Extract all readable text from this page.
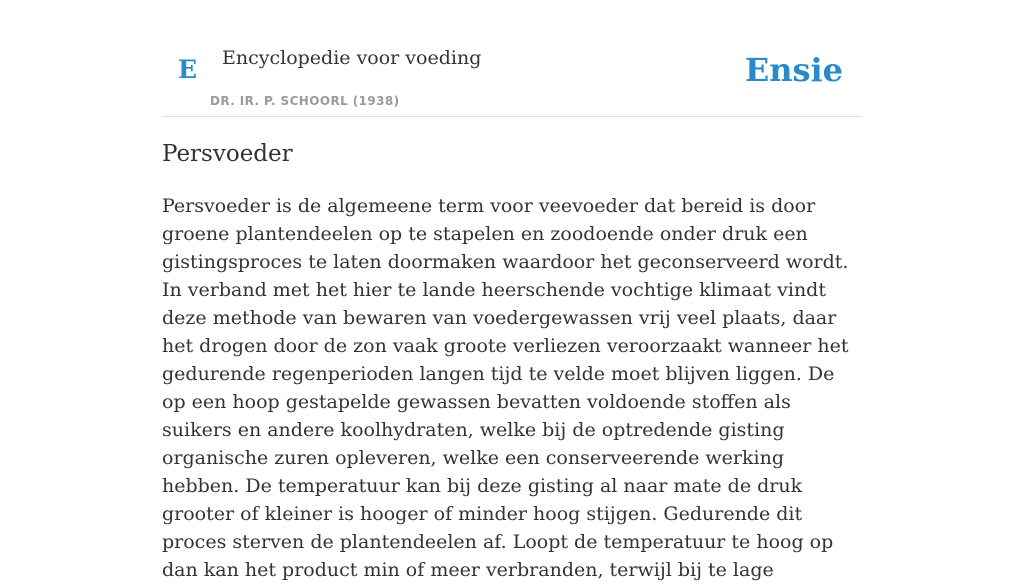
E Encyclopedie voor voeding
DR. IR. P. SCHOORL (1938)
Ensie
Persvoeder

Persvoeder is de algemeene term voor veevoeder dat bereid is door groene plantendeelen op te stapelen en zoodoende onder druk een gistingsproces te laten doormaken waardoor het geconserveerd wordt. In verband met het hier te lande heerschende vochtige klimaat vindt deze methode van bewaren van voedergewassen vrij veel plaats, daar het drogen door de zon vaak groote verliezen veroorzaakt wanneer het gedurende regenperioden langen tijd te velde moet blijven liggen. De op een hoop gestapelde gewassen bevatten voldoende stoffen als suikers en andere koolhydraten, welke bij de optredende gisting organische zuren opleveren, welke een conserveerende werking hebben. De temperatuur kan bij deze gisting al naar mate de druk grooter of kleiner is hooger of minder hoog stijgen. Gedurende dit proces sterven de plantendeelen af. Loopt de temperatuur te hoog op dan kan het product min of meer verbranden, terwijl bij te lage
